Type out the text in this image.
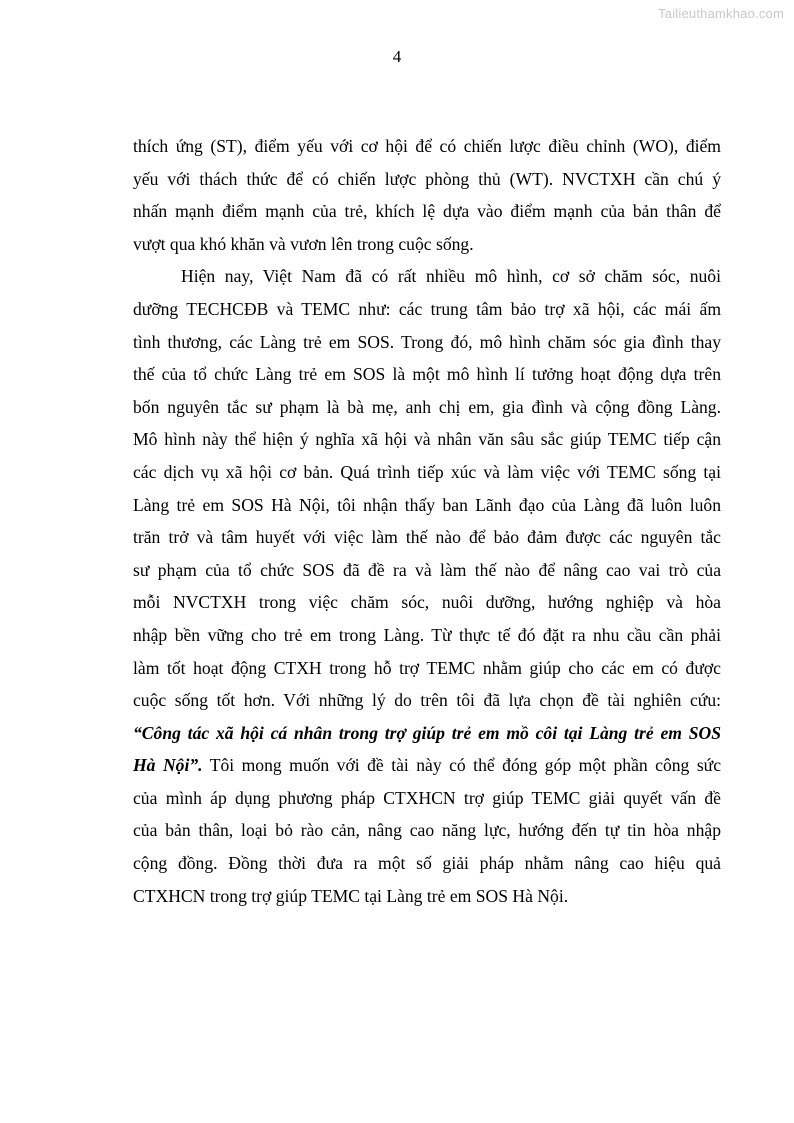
Tailieuthamkhao.com
4
thích ứng (ST), điểm yếu với cơ hội để có chiến lược điều chỉnh (WO), điểm
yếu với thách thức để có chiến lược phòng thủ (WT). NVCTXH cần chú ý
nhấn mạnh điểm mạnh của trẻ, khích lệ dựa vào điểm mạnh của bản thân để
vượt qua khó khăn và vươn lên trong cuộc sống.
Hiện nay, Việt Nam đã có rất nhiều mô hình, cơ sở chăm sóc, nuôi
dưỡng TECHCĐB và TEMC như: các trung tâm bảo trợ xã hội, các mái ấm
tình thương, các Làng trẻ em SOS. Trong đó, mô hình chăm sóc gia đình thay
thế của tổ chức Làng trẻ em SOS là một mô hình lí tưởng hoạt động dựa trên
bốn nguyên tắc sư phạm là bà mẹ, anh chị em, gia đình và cộng đồng Làng.
Mô hình này thể hiện ý nghĩa xã hội và nhân văn sâu sắc giúp TEMC tiếp cận
các dịch vụ xã hội cơ bản. Quá trình tiếp xúc và làm việc với TEMC sống tại
Làng trẻ em SOS Hà Nội, tôi nhận thấy ban Lãnh đạo của Làng đã luôn luôn
trăn trở và tâm huyết với việc làm thế nào để bảo đảm được các nguyên tắc
sư phạm của tổ chức SOS đã đề ra và làm thế nào để nâng cao vai trò của
mỗi NVCTXH trong việc chăm sóc, nuôi dưỡng, hướng nghiệp và hòa
nhập bền vững cho trẻ em trong Làng. Từ thực tế đó đặt ra nhu cầu cần phải
làm tốt hoạt động CTXH trong hỗ trợ TEMC nhằm giúp cho các em có được
cuộc sống tốt hơn. Với những lý do trên tôi đã lựa chọn đề tài nghiên cứu:
“Công tác xã hội cá nhân trong trợ giúp trẻ em mồ côi tại Làng trẻ em SOS
Hà Nội”. Tôi mong muốn với đề tài này có thể đóng góp một phần công sức
của mình áp dụng phương pháp CTXHCN trợ giúp TEMC giải quyết vấn đề
của bản thân, loại bỏ rào cản, nâng cao năng lực, hướng đến tự tin hòa nhập
cộng đồng. Đồng thời đưa ra một số giải pháp nhằm nâng cao hiệu quả
CTXHCN trong trợ giúp TEMC tại Làng trẻ em SOS Hà Nội.
